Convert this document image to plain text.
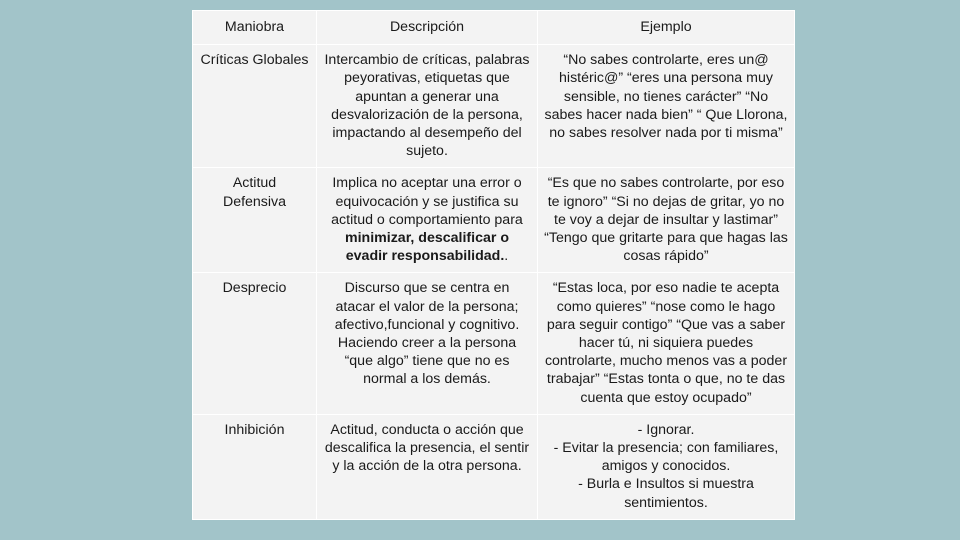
Maniobra	Descripción	Ejemplo
Críticas Globales	Intercambio de críticas, palabras peyorativas, etiquetas que apuntan a generar una desvalorización de la persona, impactando al desempeño del sujeto.	“No sabes controlarte, eres un@ histéric@” “eres una persona muy sensible, no tienes carácter” “No sabes hacer nada bien” “ Que Llorona, no sabes resolver nada por ti misma”
Actitud Defensiva	Implica no aceptar una error o equivocación y se justifica su actitud o comportamiento para minimizar, descalificar o evadir responsabilidad..	“Es que no sabes controlarte, por eso te ignoro” “Si no dejas de gritar, yo no te voy a dejar de insultar y lastimar” “Tengo que gritarte para que hagas las cosas rápido”
Desprecio	Discurso que se centra en atacar el valor de la persona; afectivo,funcional y cognitivo. Haciendo creer a la persona “que algo” tiene que no es normal a los demás.	“Estas loca, por eso nadie te acepta como quieres” “nose como le hago para seguir contigo” “Que vas a saber hacer tú, ni siquiera puedes controlarte, mucho menos vas a poder trabajar” “Estas tonta o que, no te das cuenta que estoy ocupado”
Inhibición	Actitud, conducta o acción que descalifica la presencia, el sentir y la acción de la otra persona.	- Ignorar.
- Evitar la presencia; con familiares, amigos y conocidos.
- Burla e Insultos si muestra sentimientos.
